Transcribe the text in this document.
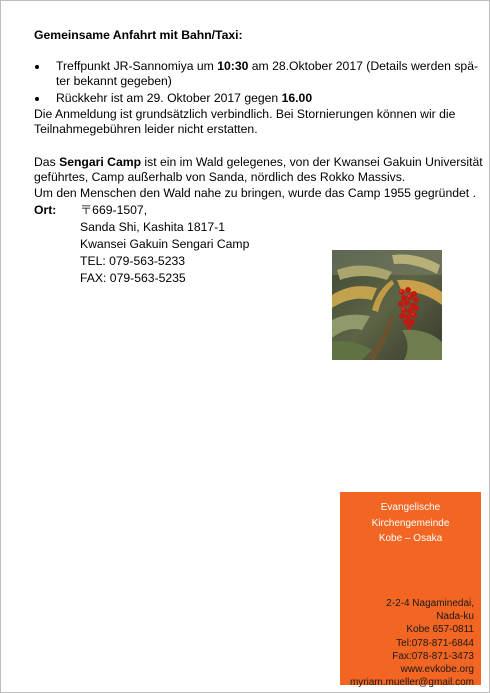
Gemeinsame Anfahrt mit Bahn/Taxi:
Treffpunkt JR-Sannomiya um 10:30 am 28.Oktober 2017 (Details werden spä-
ter bekannt gegeben)
Rückkehr ist am 29. Oktober 2017 gegen 16.00
Die Anmeldung ist grundsätzlich verbindlich. Bei Stornierungen können wir die
Teilnahmegebühren leider nicht erstatten.
Das Sengari Camp ist ein im Wald gelegenes, von der Kwansei Gakuin Universität
geführtes, Camp außerhalb von Sanda, nördlich des Rokko Massivs.
Um den Menschen den Wald nahe zu bringen, wurde das Camp 1955 gegründet .
Ort: 〒669-1507,
Sanda Shi, Kashita 1817-1
Kwansei Gakuin Sengari Camp
TEL: 079-563-5233
FAX: 079-563-5235
Evangelische
Kirchengemeinde
Kobe – Osaka
2-2-4 Nagaminedai,
Nada-ku
Kobe 657-0811
Tel:078-871-6844
Fax:078-871-3473
www.evkobe.org
myriam.mueller@gmail.com
